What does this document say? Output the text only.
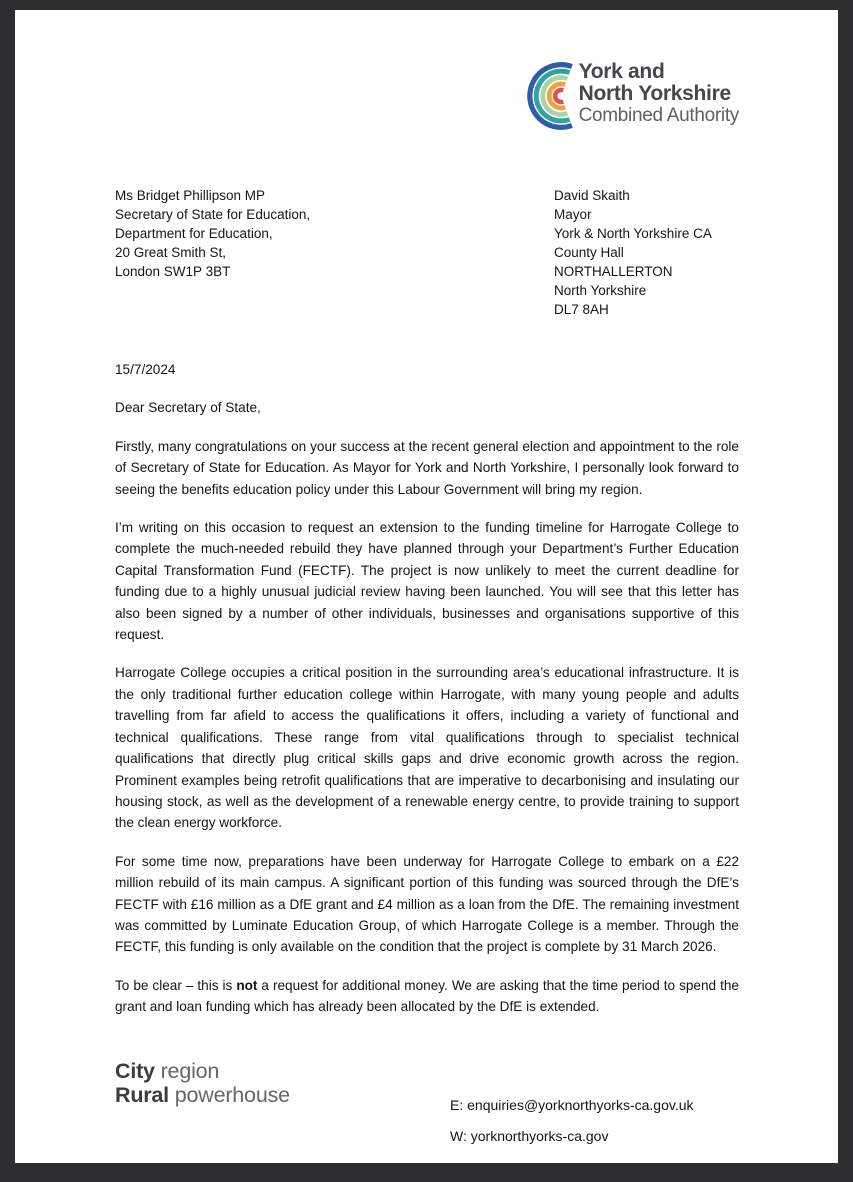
York and
North Yorkshire
Combined Authority
Ms Bridget Phillipson MP
Secretary of State for Education,
Department for Education,
20 Great Smith St,
London SW1P 3BT
David Skaith
Mayor
York & North Yorkshire CA
County Hall
NORTHALLERTON
North Yorkshire
DL7 8AH

15/7/2024

Dear Secretary of State,

Firstly, many congratulations on your success at the recent general election and appointment to the role of Secretary of State for Education. As Mayor for York and North Yorkshire, I personally look forward to seeing the benefits education policy under this Labour Government will bring my region.

I’m writing on this occasion to request an extension to the funding timeline for Harrogate College to complete the much-needed rebuild they have planned through your Department’s Further Education Capital Transformation Fund (FECTF). The project is now unlikely to meet the current deadline for funding due to a highly unusual judicial review having been launched. You will see that this letter has also been signed by a number of other individuals, businesses and organisations supportive of this request.

Harrogate College occupies a critical position in the surrounding area’s educational infrastructure. It is the only traditional further education college within Harrogate, with many young people and adults travelling from far afield to access the qualifications it offers, including a variety of functional and technical qualifications. These range from vital qualifications through to specialist technical qualifications that directly plug critical skills gaps and drive economic growth across the region. Prominent examples being retrofit qualifications that are imperative to decarbonising and insulating our housing stock, as well as the development of a renewable energy centre, to provide training to support the clean energy workforce.

For some time now, preparations have been underway for Harrogate College to embark on a £22 million rebuild of its main campus. A significant portion of this funding was sourced through the DfE’s FECTF with £16 million as a DfE grant and £4 million as a loan from the DfE. The remaining investment was committed by Luminate Education Group, of which Harrogate College is a member. Through the FECTF, this funding is only available on the condition that the project is complete by 31 March 2026.

To be clear – this is not a request for additional money. We are asking that the time period to spend the grant and loan funding which has already been allocated by the DfE is extended.

City region
Rural powerhouse	E: enquiries@yorknorthyorks-ca.gov.uk
W: yorknorthyorks-ca.gov
